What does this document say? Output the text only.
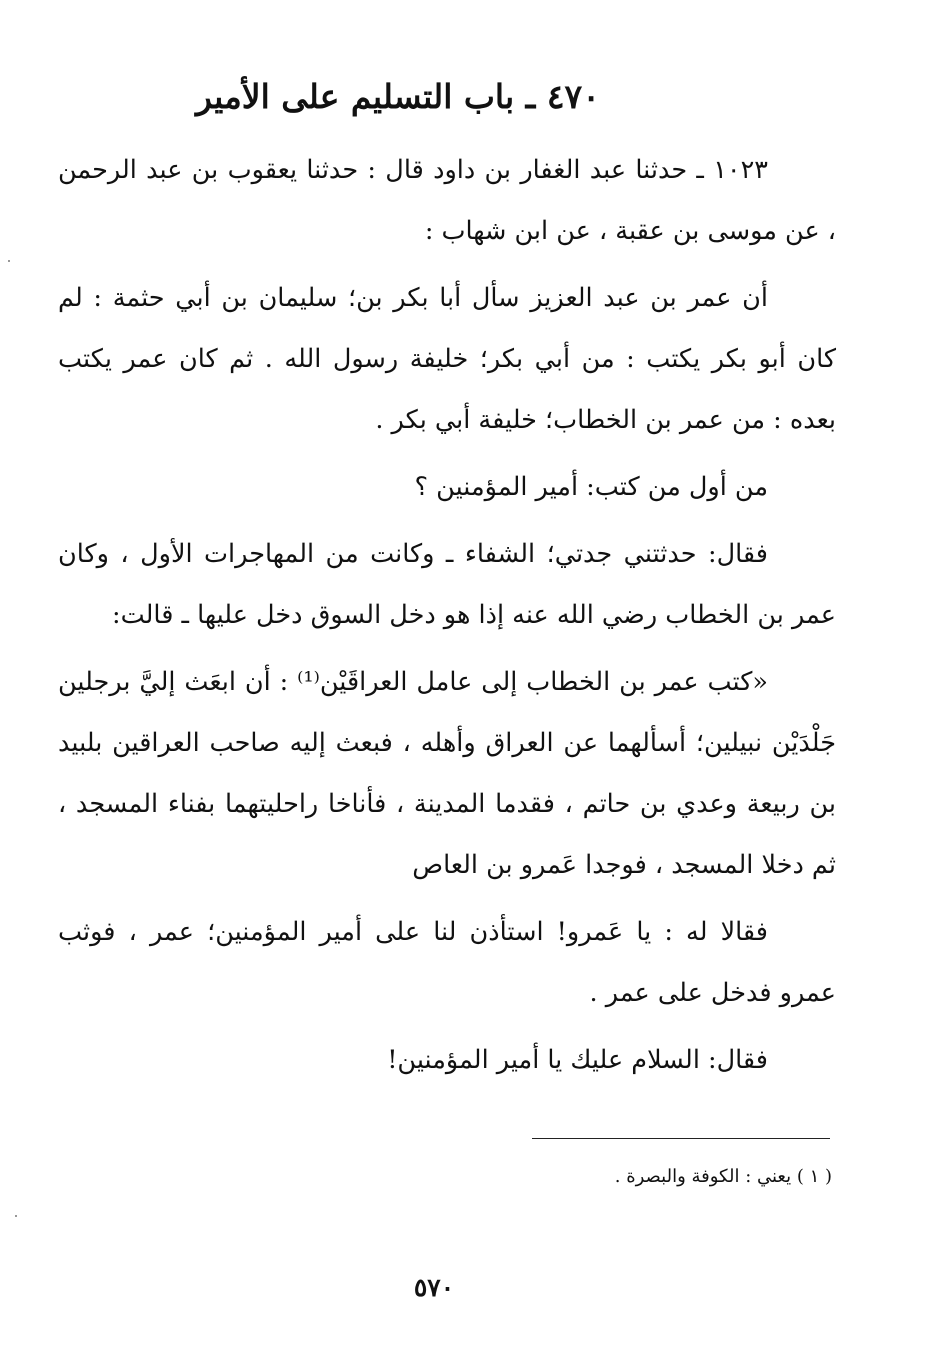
٤٧٠ ـ باب التسليم على الأمير

١٠٢٣ ـ حدثنا عبد الغفار بن داود قال : حدثنا يعقوب بن عبد الرحمن ، عن موسى بن عقبة ، عن ابن شهاب :

أن عمر بن عبد العزيز سأل أبا بكر بن؛ سليمان بن أبي حثمة : لم كان أبو بكر يكتب : من أبي بكر؛ خليفة رسول الله . ثم كان عمر يكتب بعده : من عمر بن الخطاب؛ خليفة أبي بكر .

من أول من كتب: أمير المؤمنين ؟

فقال: حدثتني جدتي؛ الشفاء ـ وكانت من المهاجرات الأول ، وكان عمر بن الخطاب رضي الله عنه إذا هو دخل السوق دخل عليها ـ قالت:

«كتب عمر بن الخطاب إلى عامل العراقَيْن⁽¹⁾ : أن ابعَث إليَّ برجلين جَلْدَيْن نبيلين؛ أسألهما عن العراق وأهله ، فبعث إليه صاحب العراقين بلبيد بن ربيعة وعدي بن حاتم ، فقدما المدينة ، فأناخا راحليتهما بفناء المسجد ، ثم دخلا المسجد ، فوجدا عَمرو بن العاص

فقالا له : يا عَمرو! استأذن لنا على أمير المؤمنين؛ عمر ، فوثب عمرو فدخل على عمر .

فقال: السلام عليك يا أمير المؤمنين!

( ١ ) يعني : الكوفة والبصرة .
٥٧٠
